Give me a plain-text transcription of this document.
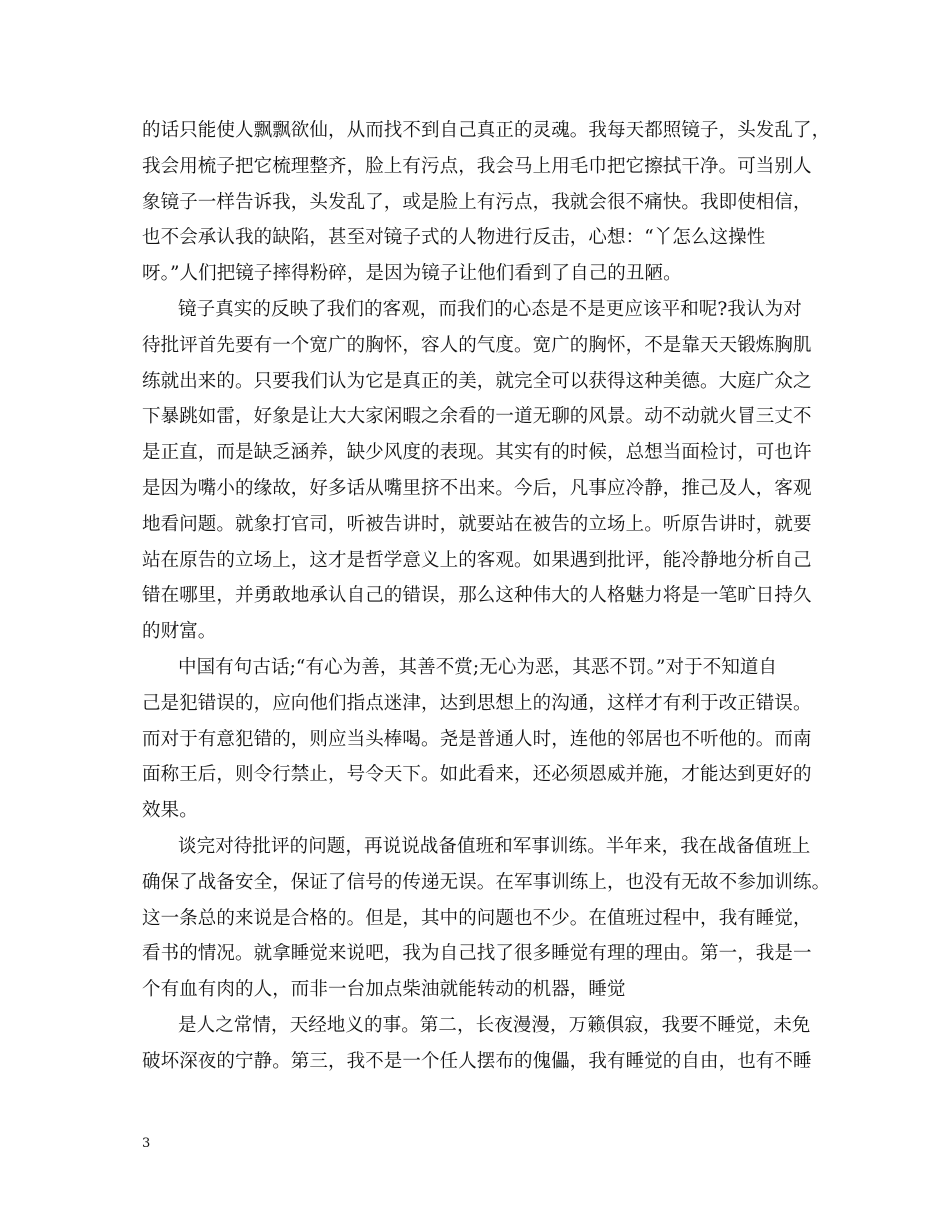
的话只能使人飘飘欲仙，从而找不到自己真正的灵魂。我每天都照镜子，头发乱了，
我会用梳子把它梳理整齐，脸上有污点，我会马上用毛巾把它擦拭干净。可当别人
象镜子一样告诉我，头发乱了，或是脸上有污点，我就会很不痛快。我即使相信，
也不会承认我的缺陷，甚至对镜子式的人物进行反击，心想：“丫怎么这操性
呀。”人们把镜子摔得粉碎，是因为镜子让他们看到了自己的丑陋。
镜子真实的反映了我们的客观，而我们的心态是不是更应该平和呢?我认为对
待批评首先要有一个宽广的胸怀，容人的气度。宽广的胸怀，不是靠天天锻炼胸肌
练就出来的。只要我们认为它是真正的美，就完全可以获得这种美德。大庭广众之
下暴跳如雷，好象是让大大家闲暇之余看的一道无聊的风景。动不动就火冒三丈不
是正直，而是缺乏涵养，缺少风度的表现。其实有的时候，总想当面检讨，可也许
是因为嘴小的缘故，好多话从嘴里挤不出来。今后，凡事应冷静，推己及人，客观
地看问题。就象打官司，听被告讲时，就要站在被告的立场上。听原告讲时，就要
站在原告的立场上，这才是哲学意义上的客观。如果遇到批评，能冷静地分析自己
错在哪里，并勇敢地承认自己的错误，那么这种伟大的人格魅力将是一笔旷日持久
的财富。
中国有句古话;“有心为善，其善不赏;无心为恶，其恶不罚。”对于不知道自
己是犯错误的，应向他们指点迷津，达到思想上的沟通，这样才有利于改正错误。
而对于有意犯错的，则应当头棒喝。尧是普通人时，连他的邻居也不听他的。而南
面称王后，则令行禁止，号令天下。如此看来，还必须恩威并施，才能达到更好的
效果。
谈完对待批评的问题，再说说战备值班和军事训练。半年来，我在战备值班上
确保了战备安全，保证了信号的传递无误。在军事训练上，也没有无故不参加训练。
这一条总的来说是合格的。但是，其中的问题也不少。在值班过程中，我有睡觉，
看书的情况。就拿睡觉来说吧，我为自己找了很多睡觉有理的理由。第一，我是一
个有血有肉的人，而非一台加点柴油就能转动的机器，睡觉
是人之常情，天经地义的事。第二，长夜漫漫，万籁俱寂，我要不睡觉，未免
破坏深夜的宁静。第三，我不是一个任人摆布的傀儡，我有睡觉的自由，也有不睡
3
